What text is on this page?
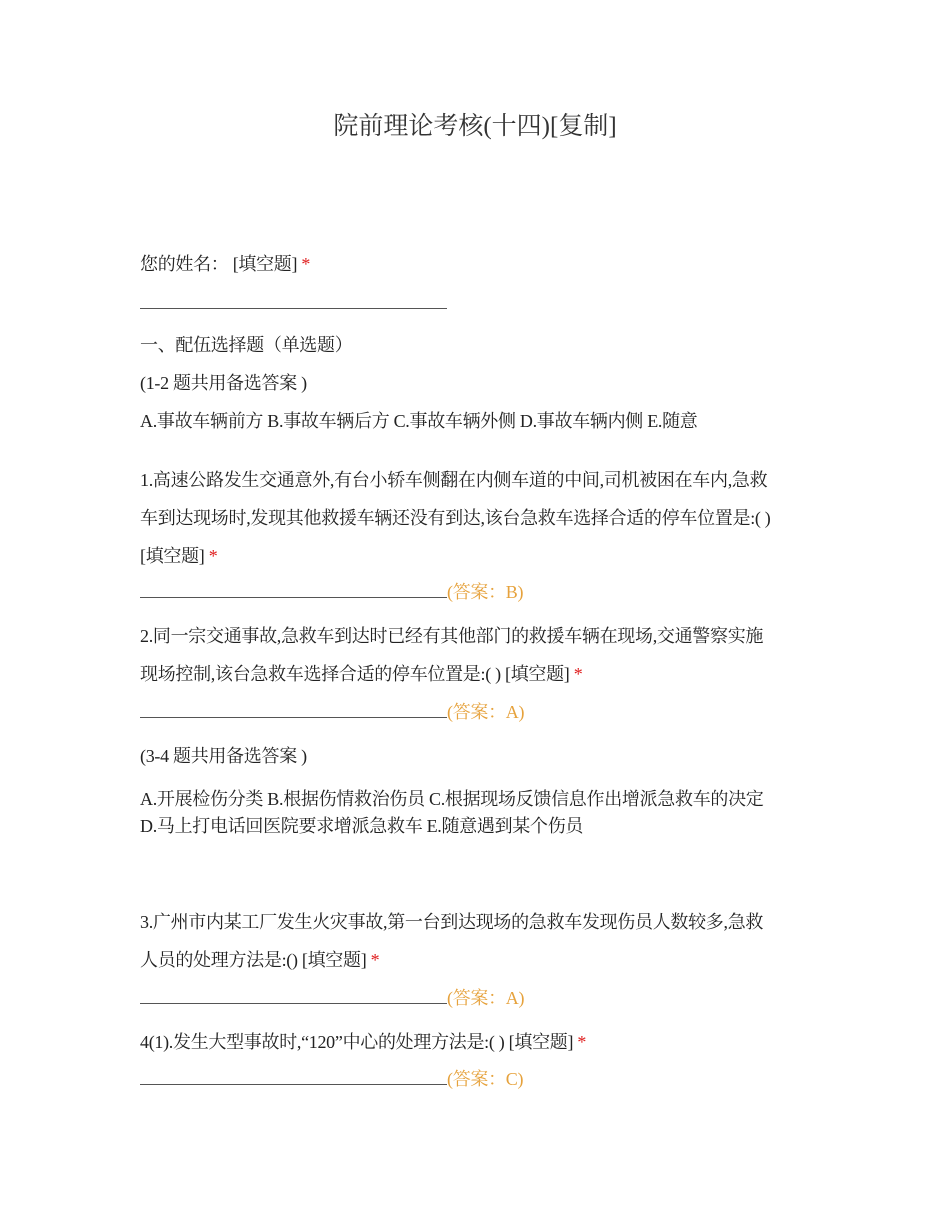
院前理论考核(十四)[复制]
您的姓名： [填空题] *
一、配伍选择题（单选题）
(1-2 题共用备选答案 )
A.事故车辆前方 B.事故车辆后方 C.事故车辆外侧 D.事故车辆内侧 E.随意
1.高速公路发生交通意外,有台小轿车侧翻在内侧车道的中间,司机被困在车内,急救
车到达现场时,发现其他救援车辆还没有到达,该台急救车选择合适的停车位置是:( )
[填空题] *
(答案：B)
2.同一宗交通事故,急救车到达时已经有其他部门的救援车辆在现场,交通警察实施
现场控制,该台急救车选择合适的停车位置是:( ) [填空题] *
(答案：A)
(3-4 题共用备选答案 )
A.开展检伤分类 B.根据伤情救治伤员 C.根据现场反馈信息作出增派急救车的决定
D.马上打电话回医院要求增派急救车 E.随意遇到某个伤员
3.广州市内某工厂发生火灾事故,第一台到达现场的急救车发现伤员人数较多,急救
人员的处理方法是:() [填空题] *
(答案：A)
4(1).发生大型事故时,“120”中心的处理方法是:( ) [填空题] *
(答案：C)
